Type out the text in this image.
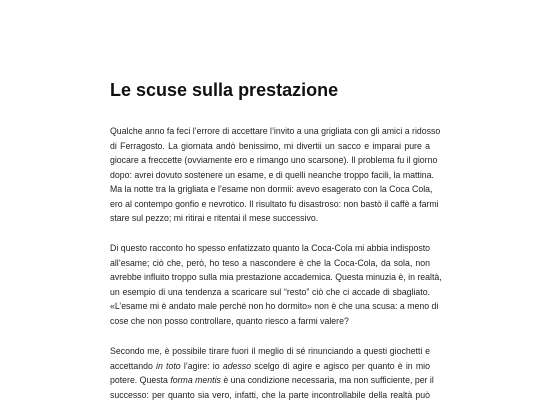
Le scuse sulla prestazione
Qualche anno fa feci l’errore di accettare l’invito a una grigliata con gli amici a ridosso
di Ferragosto. La giornata andò benissimo, mi divertii un sacco e imparai pure a
giocare a freccette (ovviamente ero e rimango uno scarsone). Il problema fu il giorno
dopo: avrei dovuto sostenere un esame, e di quelli neanche troppo facili, la mattina.
Ma la notte tra la grigliata e l’esame non dormii: avevo esagerato con la Coca Cola,
ero al contempo gonfio e nevrotico. Il risultato fu disastroso: non bastò il caffè a farmi
stare sul pezzo; mi ritirai e ritentai il mese successivo.
Di questo racconto ho spesso enfatizzato quanto la Coca-Cola mi abbia indisposto
all’esame; ciò che, però, ho teso a nascondere è che la Coca-Cola, da sola, non
avrebbe influito troppo sulla mia prestazione accademica. Questa minuzia è, in realtà,
un esempio di una tendenza a scaricare sul “resto” ciò che ci accade di sbagliato.
«L’esame mi è andato male perché non ho dormito» non è che una scusa: a meno di
cose che non posso controllare, quanto riesco a farmi valere?
Secondo me, è possibile tirare fuori il meglio di sé rinunciando a questi giochetti e
accettando in toto l’agire: io adesso scelgo di agire e agisco per quanto è in mio
potere. Questa forma mentis è una condizione necessaria, ma non sufficiente, per il
successo: per quanto sia vero, infatti, che la parte incontrollabile della realtà può
